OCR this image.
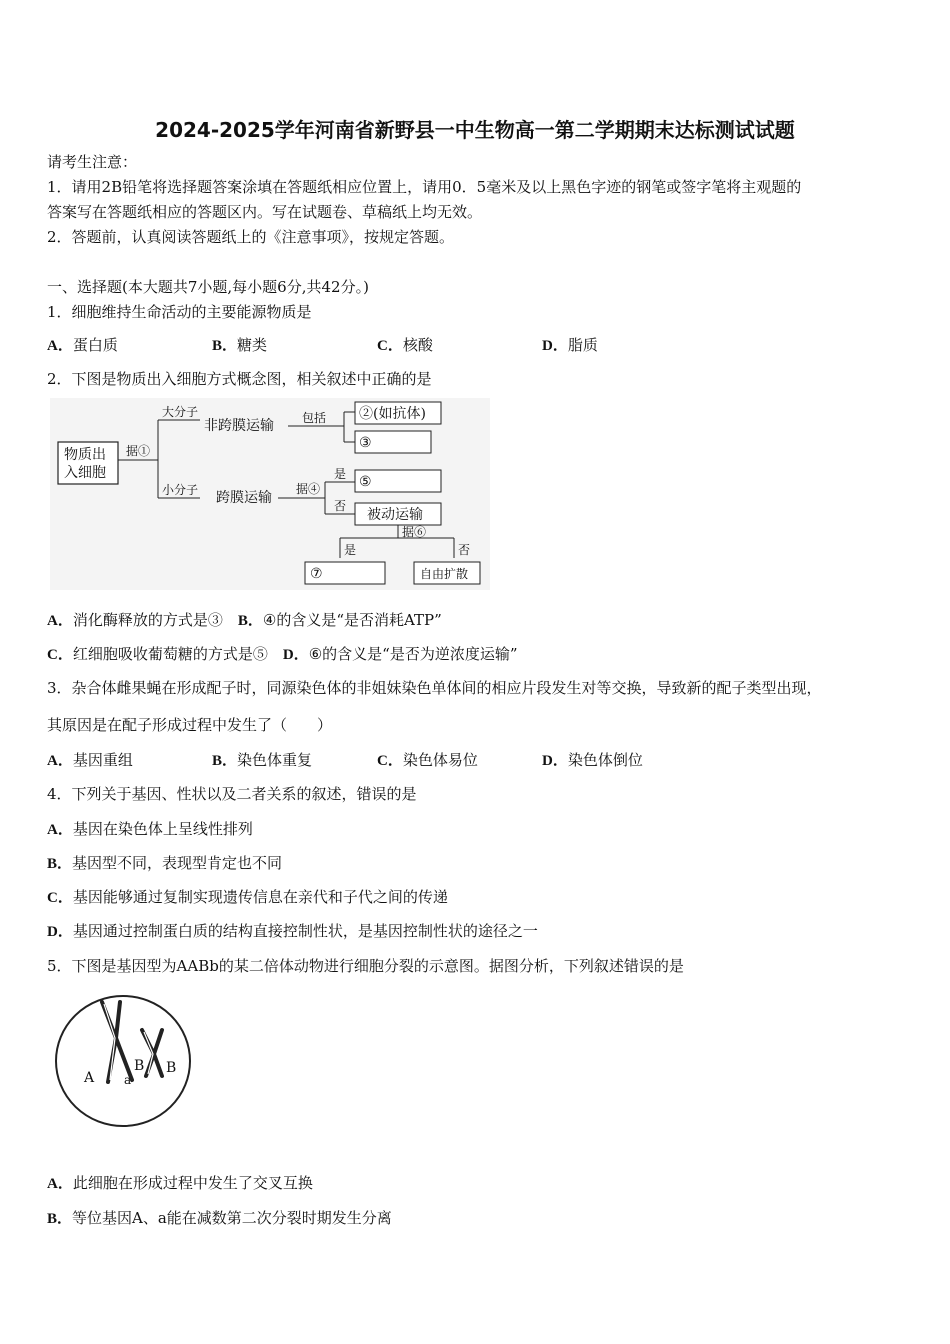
2024-2025学年河南省新野县一中生物高一第二学期期末达标测试试题
请考生注意：
1．请用2B铅笔将选择题答案涂填在答题纸相应位置上，请用0．5毫米及以上黑色字迹的钢笔或签字笔将主观题的
答案写在答题纸相应的答题区内。写在试题卷、草稿纸上均无效。
2．答题前，认真阅读答题纸上的《注意事项》，按规定答题。
一、选择题(本大题共7小题,每小题6分,共42分。)
1．细胞维持生命活动的主要能源物质是
A．蛋白质	B．糖类	C．核酸	D．脂质
2．下图是物质出入细胞方式概念图，相关叙述中正确的是
物质出
入细胞
据①
大分子
小分子
非跨膜运输
跨膜运输
包括 ②(如抗体)
③
据④
是
否
⑤
被动运输
据⑥
是	否
⑦	自由扩散
A．消化酶释放的方式是③　 B．④的含义是“是否消耗ATP”
C．红细胞吸收葡萄糖的方式是⑤　 D．⑥的含义是“是否为逆浓度运输”
3．杂合体雌果蝇在形成配子时，同源染色体的非姐妹染色单体间的相应片段发生对等交换，导致新的配子类型出现，
其原因是在配子形成过程中发生了（　　）
A．基因重组	B．染色体重复	C．染色体易位	D．染色体倒位
4．下列关于基因、性状以及二者关系的叙述，错误的是
A．基因在染色体上呈线性排列
B．基因型不同，表现型肯定也不同
C．基因能够通过复制实现遗传信息在亲代和子代之间的传递
D．基因通过控制蛋白质的结构直接控制性状，是基因控制性状的途径之一
5．下图是基因型为AABb的某二倍体动物进行细胞分裂的示意图。据图分析，下列叙述错误的是
A a
B B
A．此细胞在形成过程中发生了交叉互换
B．等位基因A、a能在减数第二次分裂时期发生分离
